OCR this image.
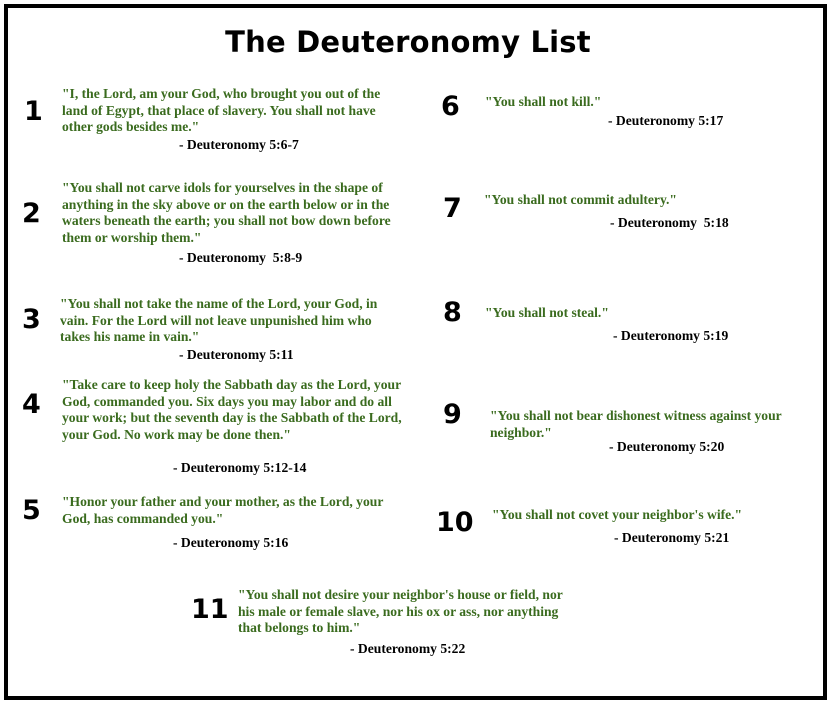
The Deuteronomy List
1
"I, the Lord, am your God, who brought you out of the land of Egypt, that place of slavery. You shall not have other gods besides me."
- Deuteronomy 5:6-7
2
"You shall not carve idols for yourselves in the shape of anything in the sky above or on the earth below or in the waters beneath the earth; you shall not bow down before them or worship them."
- Deuteronomy  5:8-9
3
"You shall not take the name of the Lord, your God, in vain. For the Lord will not leave unpunished him who takes his name in vain."
- Deuteronomy 5:11
4
"Take care to keep holy the Sabbath day as the Lord, your God, commanded you. Six days you may labor and do all your work; but the seventh day is the Sabbath of the Lord, your God. No work may be done then."
- Deuteronomy 5:12-14
5 "Honor your father and your mother, as the Lord, your God, has commanded you."
- Deuteronomy 5:16
6 "You shall not kill."
- Deuteronomy 5:17
7 "You shall not commit adultery."
- Deuteronomy  5:18
8 "You shall not steal."
- Deuteronomy 5:19
9 "You shall not bear dishonest witness against your neighbor."
- Deuteronomy 5:20
10 "You shall not covet your neighbor's wife."
- Deuteronomy 5:21
11 "You shall not desire your neighbor's house or field, nor his male or female slave, nor his ox or ass, nor anything that belongs to him."
- Deuteronomy 5:22
